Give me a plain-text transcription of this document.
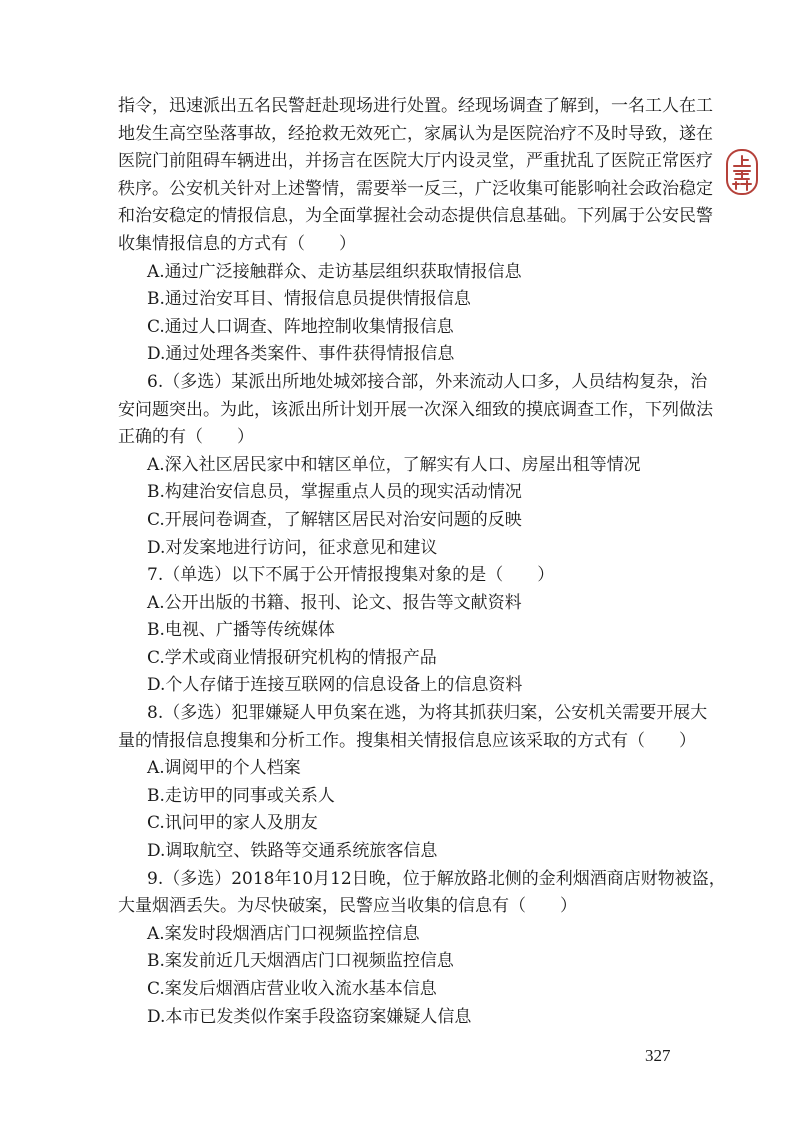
指令，迅速派出五名民警赶赴现场进行处置。经现场调查了解到，一名工人在工
地发生高空坠落事故，经抢救无效死亡，家属认为是医院治疗不及时导致，遂在
医院门前阻碍车辆进出，并扬言在医院大厅内设灵堂，严重扰乱了医院正常医疗
秩序。公安机关针对上述警情，需要举一反三，广泛收集可能影响社会政治稳定
和治安稳定的情报信息，为全面掌握社会动态提供信息基础。下列属于公安民警
收集情报信息的方式有（　　）
A.通过广泛接触群众、走访基层组织获取情报信息
B.通过治安耳目、情报信息员提供情报信息
C.通过人口调查、阵地控制收集情报信息
D.通过处理各类案件、事件获得情报信息
6.（多选）某派出所地处城郊接合部，外来流动人口多，人员结构复杂，治
安问题突出。为此，该派出所计划开展一次深入细致的摸底调查工作，下列做法
正确的有（　　）
A.深入社区居民家中和辖区单位，了解实有人口、房屋出租等情况
B.构建治安信息员，掌握重点人员的现实活动情况
C.开展问卷调查，了解辖区居民对治安问题的反映
D.对发案地进行访问，征求意见和建议
7.（单选）以下不属于公开情报搜集对象的是（　　）
A.公开出版的书籍、报刊、论文、报告等文献资料
B.电视、广播等传统媒体
C.学术或商业情报研究机构的情报产品
D.个人存储于连接互联网的信息设备上的信息资料
8.（多选）犯罪嫌疑人甲负案在逃，为将其抓获归案，公安机关需要开展大
量的情报信息搜集和分析工作。搜集相关情报信息应该采取的方式有（　　）
A.调阅甲的个人档案
B.走访甲的同事或关系人
C.讯问甲的家人及朋友
D.调取航空、铁路等交通系统旅客信息
9.（多选）2018年10月12日晚，位于解放路北侧的金利烟酒商店财物被盗，
大量烟酒丢失。为尽快破案，民警应当收集的信息有（　　）
A.案发时段烟酒店门口视频监控信息
B.案发前近几天烟酒店门口视频监控信息
C.案发后烟酒店营业收入流水基本信息
D.本市已发类似作案手段盗窃案嫌疑人信息
327
